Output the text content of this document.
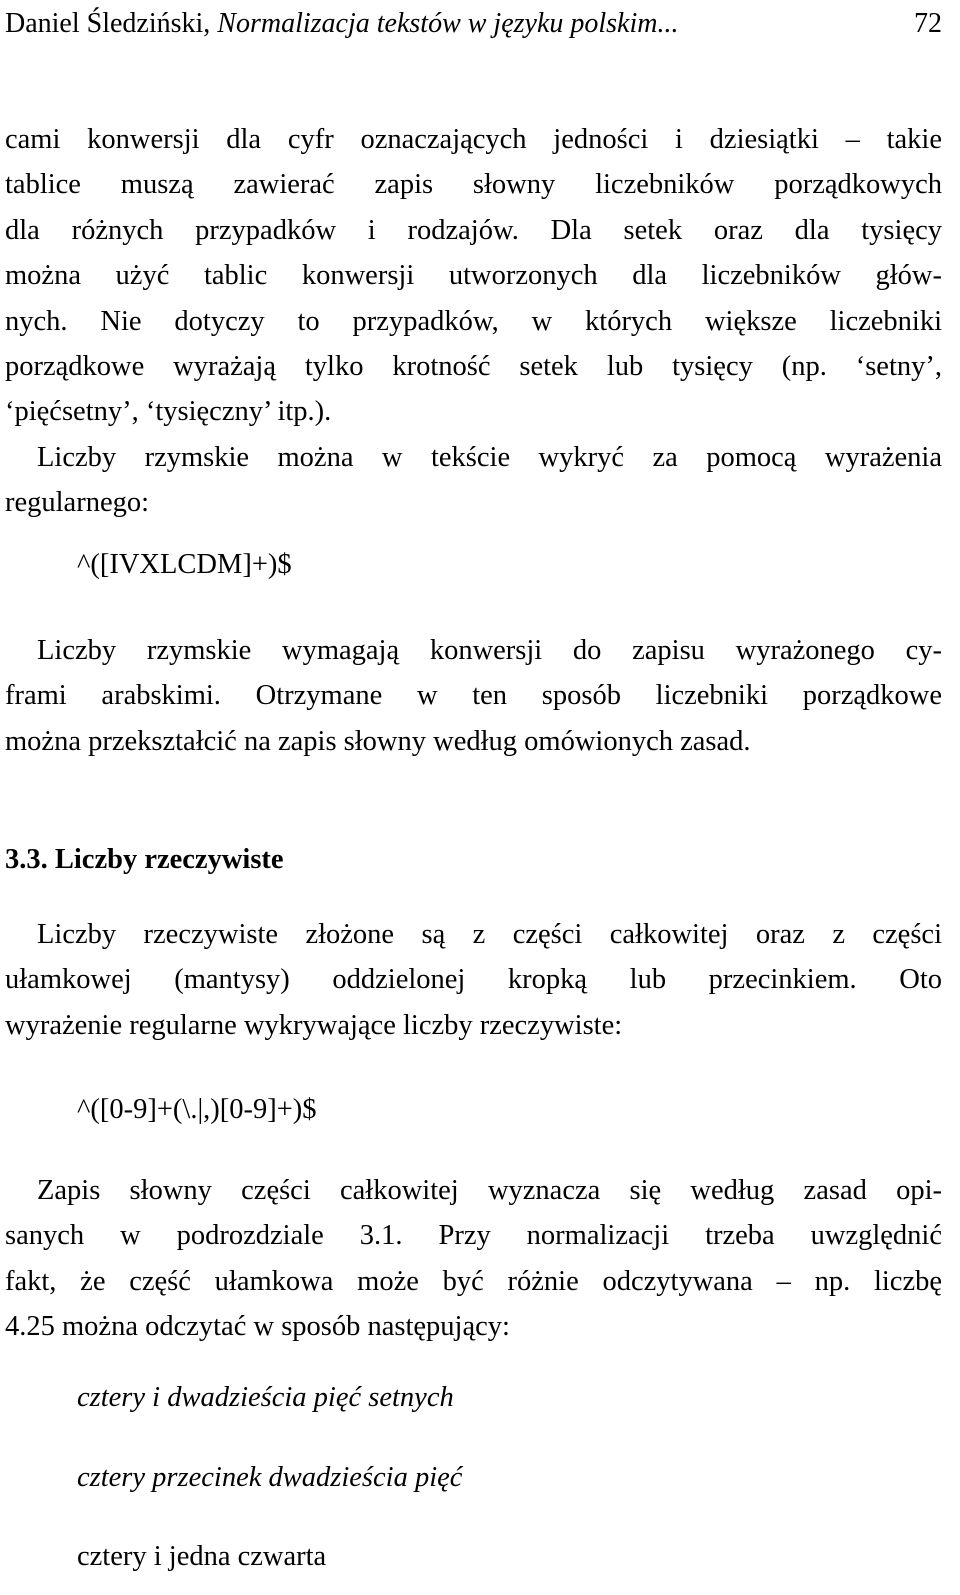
Daniel Śledziński, Normalizacja tekstów w języku polskim...	72

cami konwersji dla cyfr oznaczających jedności i dziesiątki – takie
tablice muszą zawierać zapis słowny liczebników porządkowych
dla różnych przypadków i rodzajów. Dla setek oraz dla tysięcy
można użyć tablic konwersji utworzonych dla liczebników głów-
nych. Nie dotyczy to przypadków, w których większe liczebniki
porządkowe wyrażają tylko krotność setek lub tysięcy (np. ‘setny’,
‘pięćsetny’, ‘tysięczny’ itp.).

Liczby rzymskie można w tekście wykryć za pomocą wyrażenia
regularnego:

^([IVXLCDM]+)$

Liczby rzymskie wymagają konwersji do zapisu wyrażonego cy-
frami arabskimi. Otrzymane w ten sposób liczebniki porządkowe
można przekształcić na zapis słowny według omówionych zasad.

3.3. Liczby rzeczywiste

Liczby rzeczywiste złożone są z części całkowitej oraz z części
ułamkowej (mantysy) oddzielonej kropką lub przecinkiem. Oto
wyrażenie regularne wykrywające liczby rzeczywiste:

^([0-9]+(\.|,)[0-9]+)$

Zapis słowny części całkowitej wyznacza się według zasad opi-
sanych w podrozdziale 3.1. Przy normalizacji trzeba uwzględnić
fakt, że część ułamkowa może być różnie odczytywana – np. liczbę
4.25 można odczytać w sposób następujący:

cztery i dwadzieścia pięć setnych
cztery przecinek dwadzieścia pięć
cztery i jedna czwarta
